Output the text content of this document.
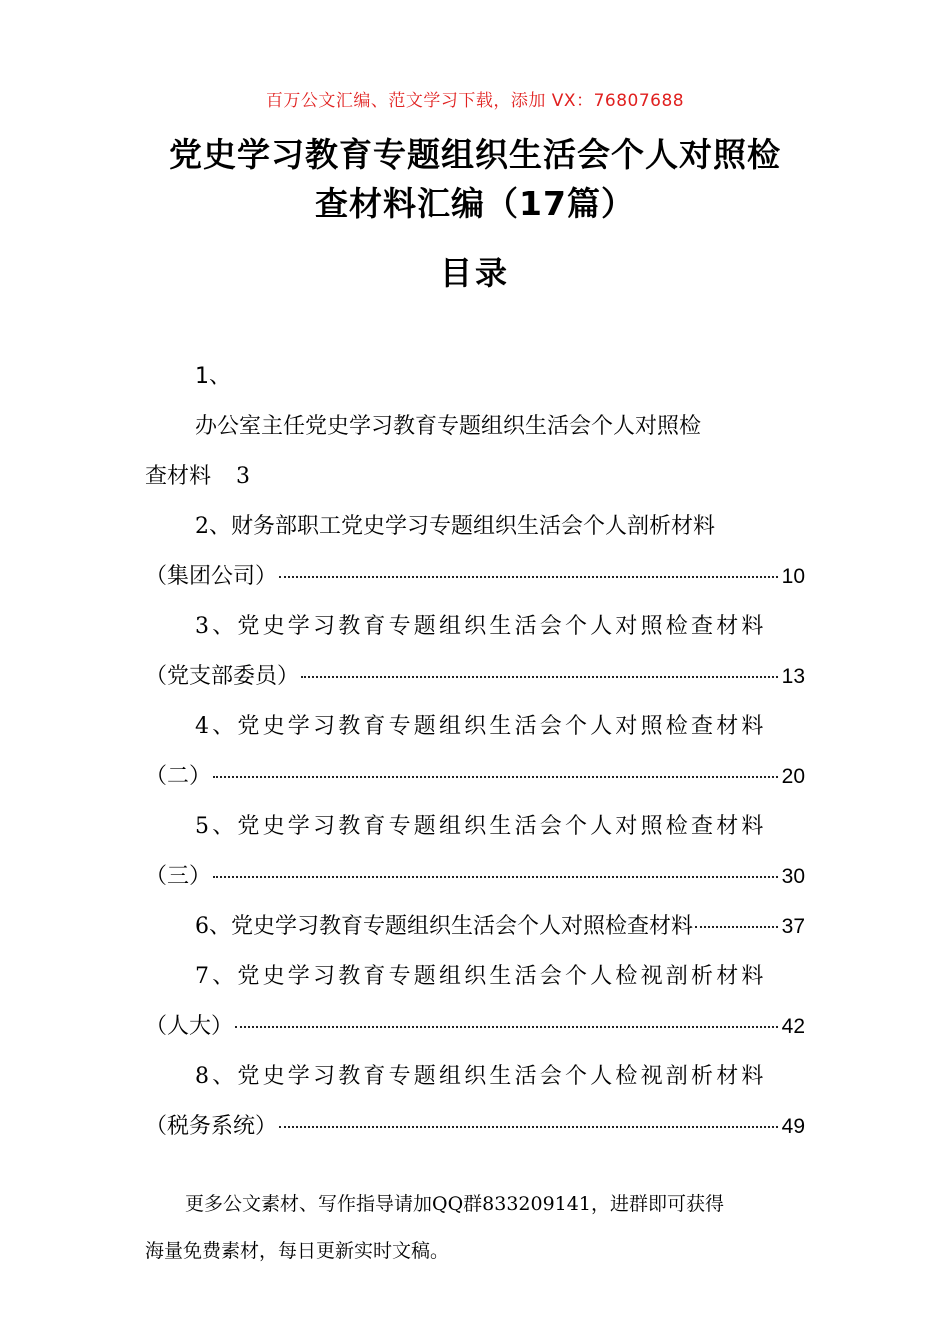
百万公文汇编、范文学习下载，添加 VX：76807688
党史学习教育专题组织生活会个人对照检
查材料汇编（17篇）
目录
1、
办公室主任党史学习教育专题组织生活会个人对照检
查材料 3
2、财务部职工党史学习专题组织生活会个人剖析材料
（集团公司）	10
3、党史学习教育专题组织生活会个人对照检查材料
（党支部委员）	13
4、党史学习教育专题组织生活会个人对照检查材料
（二）	20
5、党史学习教育专题组织生活会个人对照检查材料
（三）	30
6、党史学习教育专题组织生活会个人对照检查材料	37
7、党史学习教育专题组织生活会个人检视剖析材料
（人大）	42
8、党史学习教育专题组织生活会个人检视剖析材料
（税务系统）	49
更多公文素材、写作指导请加QQ群833209141，进群即可获得
海量免费素材，每日更新实时文稿。
